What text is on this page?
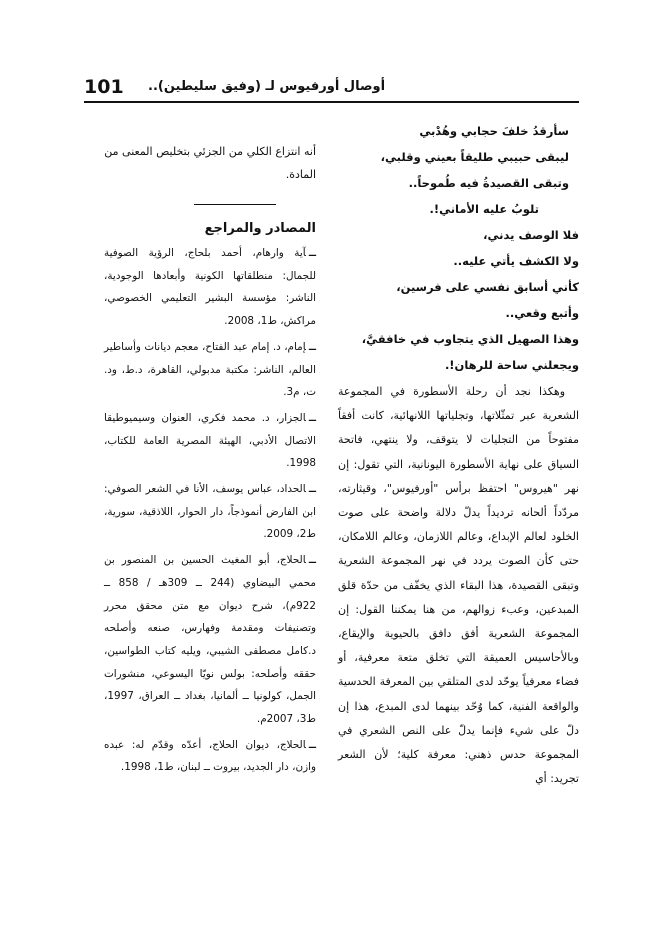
101 أوصال أورفيوس لـ (وفيق سليطين)..
سأرقدُ خلفَ حجابي وهُدْبي
ليبقى حبيبي طليقاً بعيني وقلبي،
وتبقى القصيدةُ فيه طُموحاً..
تلوبُ عليه الأماني!.
فلا الوصف يدني،
ولا الكشف يأتي عليه..
كأني أسابق نفسي على فرسين،
وأتبع وقعي..
وهذا الصهيل الذي يتجاوب في خافقيَّ،
ويجعلني ساحة للرهان!.

وهكذا نجد أن رحلة الأسطورة في المجموعة الشعرية عبر تمثّلاتها، وتجلياتها اللانهائية، كانت أفقاً مفتوحاً من التجليات لا يتوقف، ولا ينتهي، فاتحة السياق على نهاية الأسطورة اليونانية، التي تقول: إن نهر "هيروس" احتفظ برأس "أورفيوس"، وقيثارته، مردّداً ألحانه ترديداً يدلّ دلالة واضحة على صوت الخلود لعالم الإبداع، وعالم اللازمان، وعالم اللامكان، حتى كأن الصوت يردد في نهر المجموعة الشعرية وتبقى القصيدة، هذا البقاء الذي يخفّف من حدّة قلق المبدعين، وعبء زوالهم، من هنا يمكننا القول: إن المجموعة الشعرية أفق دافق بالحيوية والإيقاع، وبالأحاسيس العميقة التي تخلق متعة معرفية، أو فضاء معرفياً يوحّد لدى المتلقي بين المعرفة الحدسية والواقعة الفنية، كما وُحّد بينهما لدى المبدع، هذا إن دلّ على شيء فإنما يدلّ على النص الشعري في المجموعة حدس ذهني: معرفة كلية؛ لأن الشعر تجريد: أي

أنه انتزاع الكلي من الجزئي بتخليص المعنى من المادة.
المصادر والمراجع
ــآية وارهام، أحمد بلحاج، الرؤية الصوفية للجمال: منطلقاتها الكونية وأبعادها الوجودية، الناشر: مؤسسة البشير التعليمي الخصوصي، مراكش، ط1، 2008.
ــإمام، د. إمام عبد الفتاح، معجم ديانات وأساطير العالم، الناشر: مكتبة مدبولي، القاهرة، د.ط، ود. ت، م3.
ــالجزار، د. محمد فكري، العنوان وسيميوطيقا الاتصال الأدبي، الهيئة المصرية العامة للكتاب، 1998.
ــالحداد، عباس يوسف، الأنا في الشعر الصوفي: ابن الفارض أنموذجاً، دار الحوار، اللاذقية، سورية، ط2، 2009.
ــالحلاج، أبو المغيث الحسين بن المنصور بن محمي البيضاوي (244 ــ 309هـ / 858 ــ 922م)، شرح ديوان مع متن محقق محرر وتصنيفات ومقدمة وفهارس، صنعه وأصلحه د.كامل مصطفى الشيبي، ويليه كتاب الطواسين، حققه وأصلحه: بولس نويّا اليسوعي، منشورات الجمل، كولونيا ــ ألمانيا، بغداد ــ العراق، 1997، ط3، 2007م.
ــالحلاج، ديوان الحلاج، أعدّه وقدّم له: عبده وازن، دار الجديد، بيروت ــ لبنان، ط1، 1998.
